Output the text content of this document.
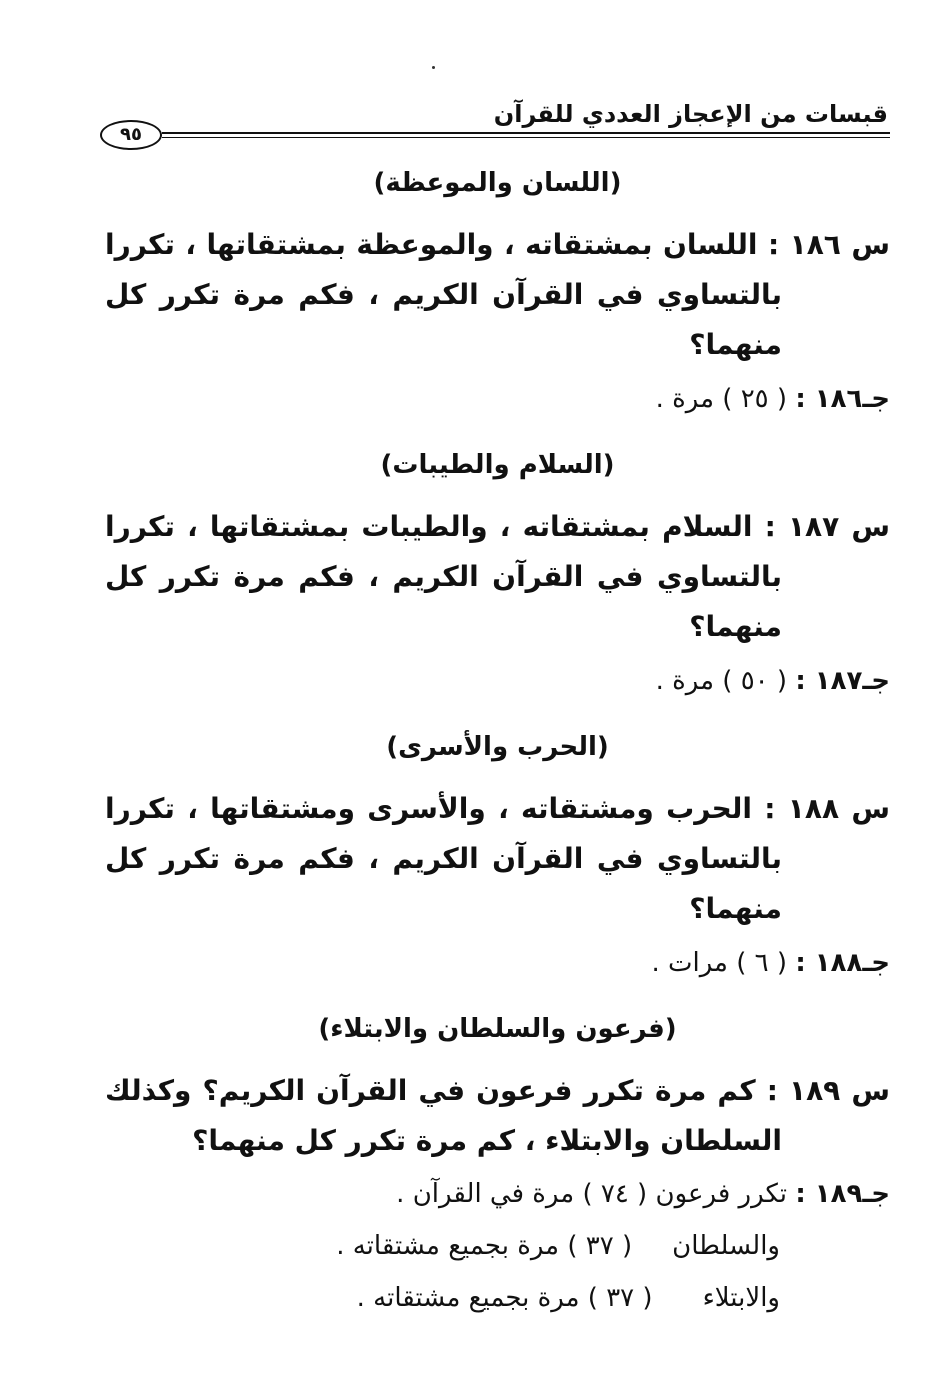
قبسات من الإعجاز العددي للقرآن
٩٥
(اللسان والموعظة)

س ١٨٦ : اللسان بمشتقاته ، والموعظة بمشتقاتها ، تكررا بالتساوي في القرآن الكريم ، فكم مرة تكرر كل منهما؟

جـ١٨٦ : ( ٢٥ ) مرة .
(السلام والطيبات)

س ١٨٧ : السلام بمشتقاته ، والطيبات بمشتقاتها ، تكررا بالتساوي في القرآن الكريم ، فكم مرة تكرر كل منهما؟

جـ١٨٧ : ( ٥٠ ) مرة .
(الحرب والأسرى)

س ١٨٨ : الحرب ومشتقاته ، والأسرى ومشتقاتها ، تكررا بالتساوي في القرآن الكريم ، فكم مرة تكرر كل منهما؟

جـ١٨٨ : ( ٦ ) مرات .
(فرعون والسلطان والابتلاء)

س ١٨٩ : كم مرة تكرر فرعون في القرآن الكريم؟ وكذلك السلطان والابتلاء ، كم مرة تكرر كل منهما؟

جـ١٨٩ : تكرر فرعون ( ٧٤ ) مرة في القرآن .
والسلطان( ٣٧ ) مرة بجميع مشتقاته .
والابتلاء( ٣٧ ) مرة بجميع مشتقاته .
